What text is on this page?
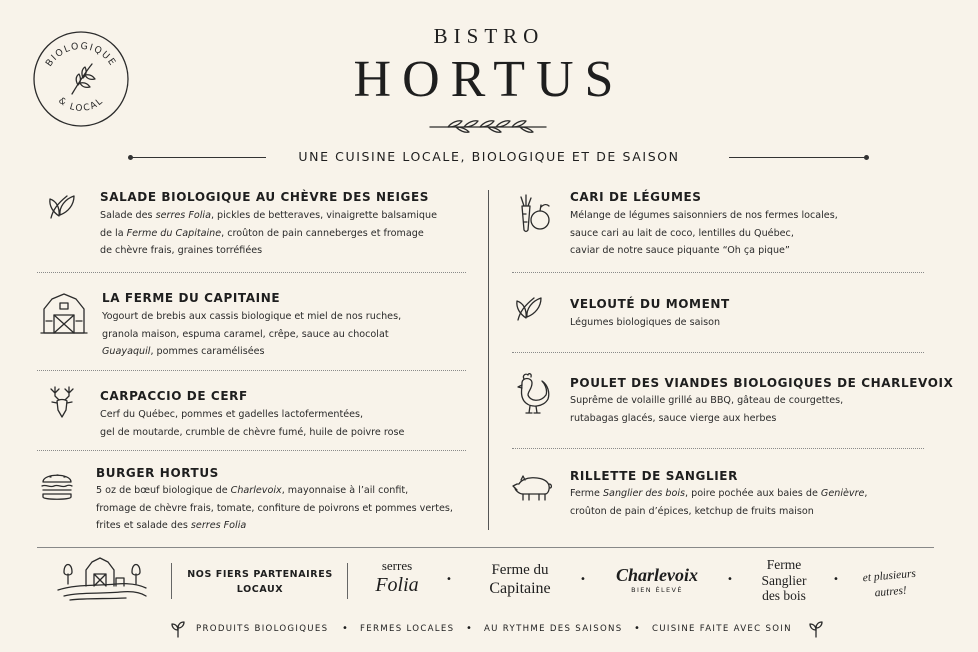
BIOLOGIQUE
& LOCAL
BISTRO
HORTUS
UNE CUISINE LOCALE, BIOLOGIQUE ET DE SAISON
SALADE BIOLOGIQUE AU CHÈVRE DES NEIGES
Salade des serres Folia, pickles de betteraves, vinaigrette balsamique
de la Ferme du Capitaine, croûton de pain canneberges et fromage
de chèvre frais, graines torréfiées
LA FERME DU CAPITAINE
Yogourt de brebis aux cassis biologique et miel de nos ruches,
granola maison, espuma caramel, crêpe, sauce au chocolat
Guayaquil, pommes caramélisées
CARPACCIO DE CERF
Cerf du Québec, pommes et gadelles lactofermentées,
gel de moutarde, crumble de chèvre fumé, huile de poivre rose
BURGER HORTUS
5 oz de bœuf biologique de Charlevoix, mayonnaise à l’ail confit,
fromage de chèvre frais, tomate, confiture de poivrons et pommes vertes,
frites et salade des serres Folia
CARI DE LÉGUMES
Mélange de légumes saisonniers de nos fermes locales,
sauce cari au lait de coco, lentilles du Québec,
caviar de notre sauce piquante “Oh ça pique”
VELOUTÉ DU MOMENT
Légumes biologiques de saison
POULET DES VIANDES BIOLOGIQUES DE CHARLEVOIX
Suprême de volaille grillé au BBQ, gâteau de courgettes,
rutabagas glacés, sauce vierge aux herbes
RILLETTE DE SANGLIER
Ferme Sanglier des bois, poire pochée aux baies de Genièvre,
croûton de pain d’épices, ketchup de fruits maison
NOS FIERS PARTENAIRES
LOCAUX
serres
Folia	•
Ferme du
Capitaine
•	Charlevoix
BIEN ÉLEVÉ
•
Ferme
Sanglier
des bois
•	et plusieurs
autres!
PRODUITS BIOLOGIQUES • FERMES LOCALES • AU RYTHME DES SAISONS • CUISINE FAITE AVEC SOIN
